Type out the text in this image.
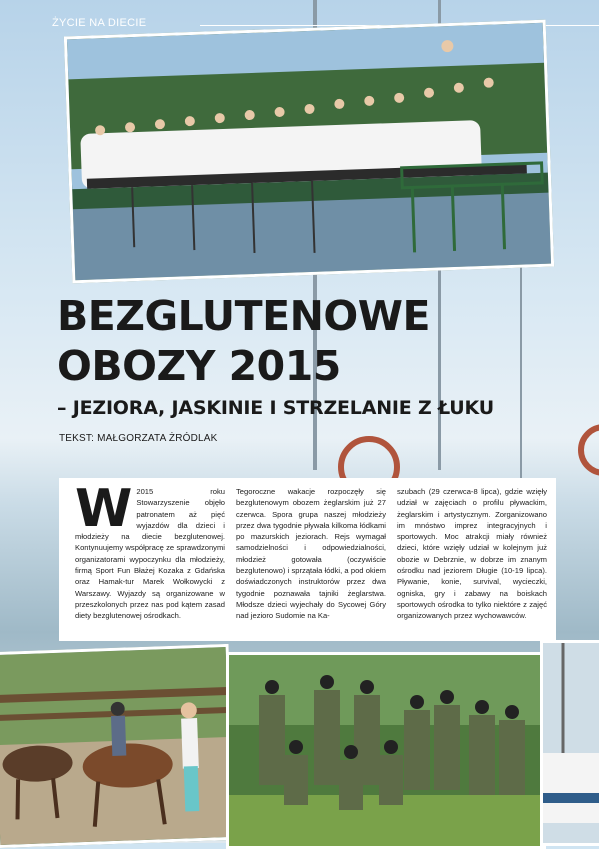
ŻYCIE NA DIECIE
BEZGLUTENOWE
OBOZY 2015
– JEZIORA, JASKINIE I STRZELANIE Z ŁUKU
TEKST: MAŁGORZATA ŻRÓDLAK
W 2015 roku Stowarzyszenie objęło patronatem aż pięć wyjazdów dla dzieci i młodzieży na diecie bezglutenowej. Kontynuujemy współpracę ze sprawdzonymi organizatorami wypoczynku dla młodzieży, firmą Sport Fun Błażej Kozaka z Gdańska oraz Hamak-tur Marek Wołkowycki z Warszawy. Wyjazdy są organizowane w przeszkolonych przez nas pod kątem zasad diety bezglutenowej ośrodkach.
Tegoroczne wakacje rozpoczęły się bezglutenowym obozem żeglarskim już 27 czerwca. Spora grupa naszej młodzieży przez dwa tygodnie pływała kilkoma łódkami po mazurskich jeziorach. Rejs wymagał samodzielności i odpowiedzialności, młodzież gotowała (oczywiście bezglutenowo) i sprzątała łódki, a pod okiem doświadczonych instruktorów przez dwa tygodnie poznawała tajniki żeglarstwa. Młodsze dzieci wyjechały do Sycowej Góry nad jezioro Sudomie na Ka-
szubach (29 czerwca-8 lipca), gdzie wzięły udział w zajęciach o profilu pływackim, żeglarskim i artystycznym. Zorganizowano im mnóstwo imprez integracyjnych i sportowych. Moc atrakcji miały również dzieci, które wzięły udział w kolejnym już obozie w Debrznie, w dobrze im znanym ośrodku nad jeziorem Długie (10-19 lipca). Pływanie, konie, survival, wycieczki, ogniska, gry i zabawy na boiskach sportowych ośrodka to tylko niektóre z zajęć organizowanych przez wychowawców.
